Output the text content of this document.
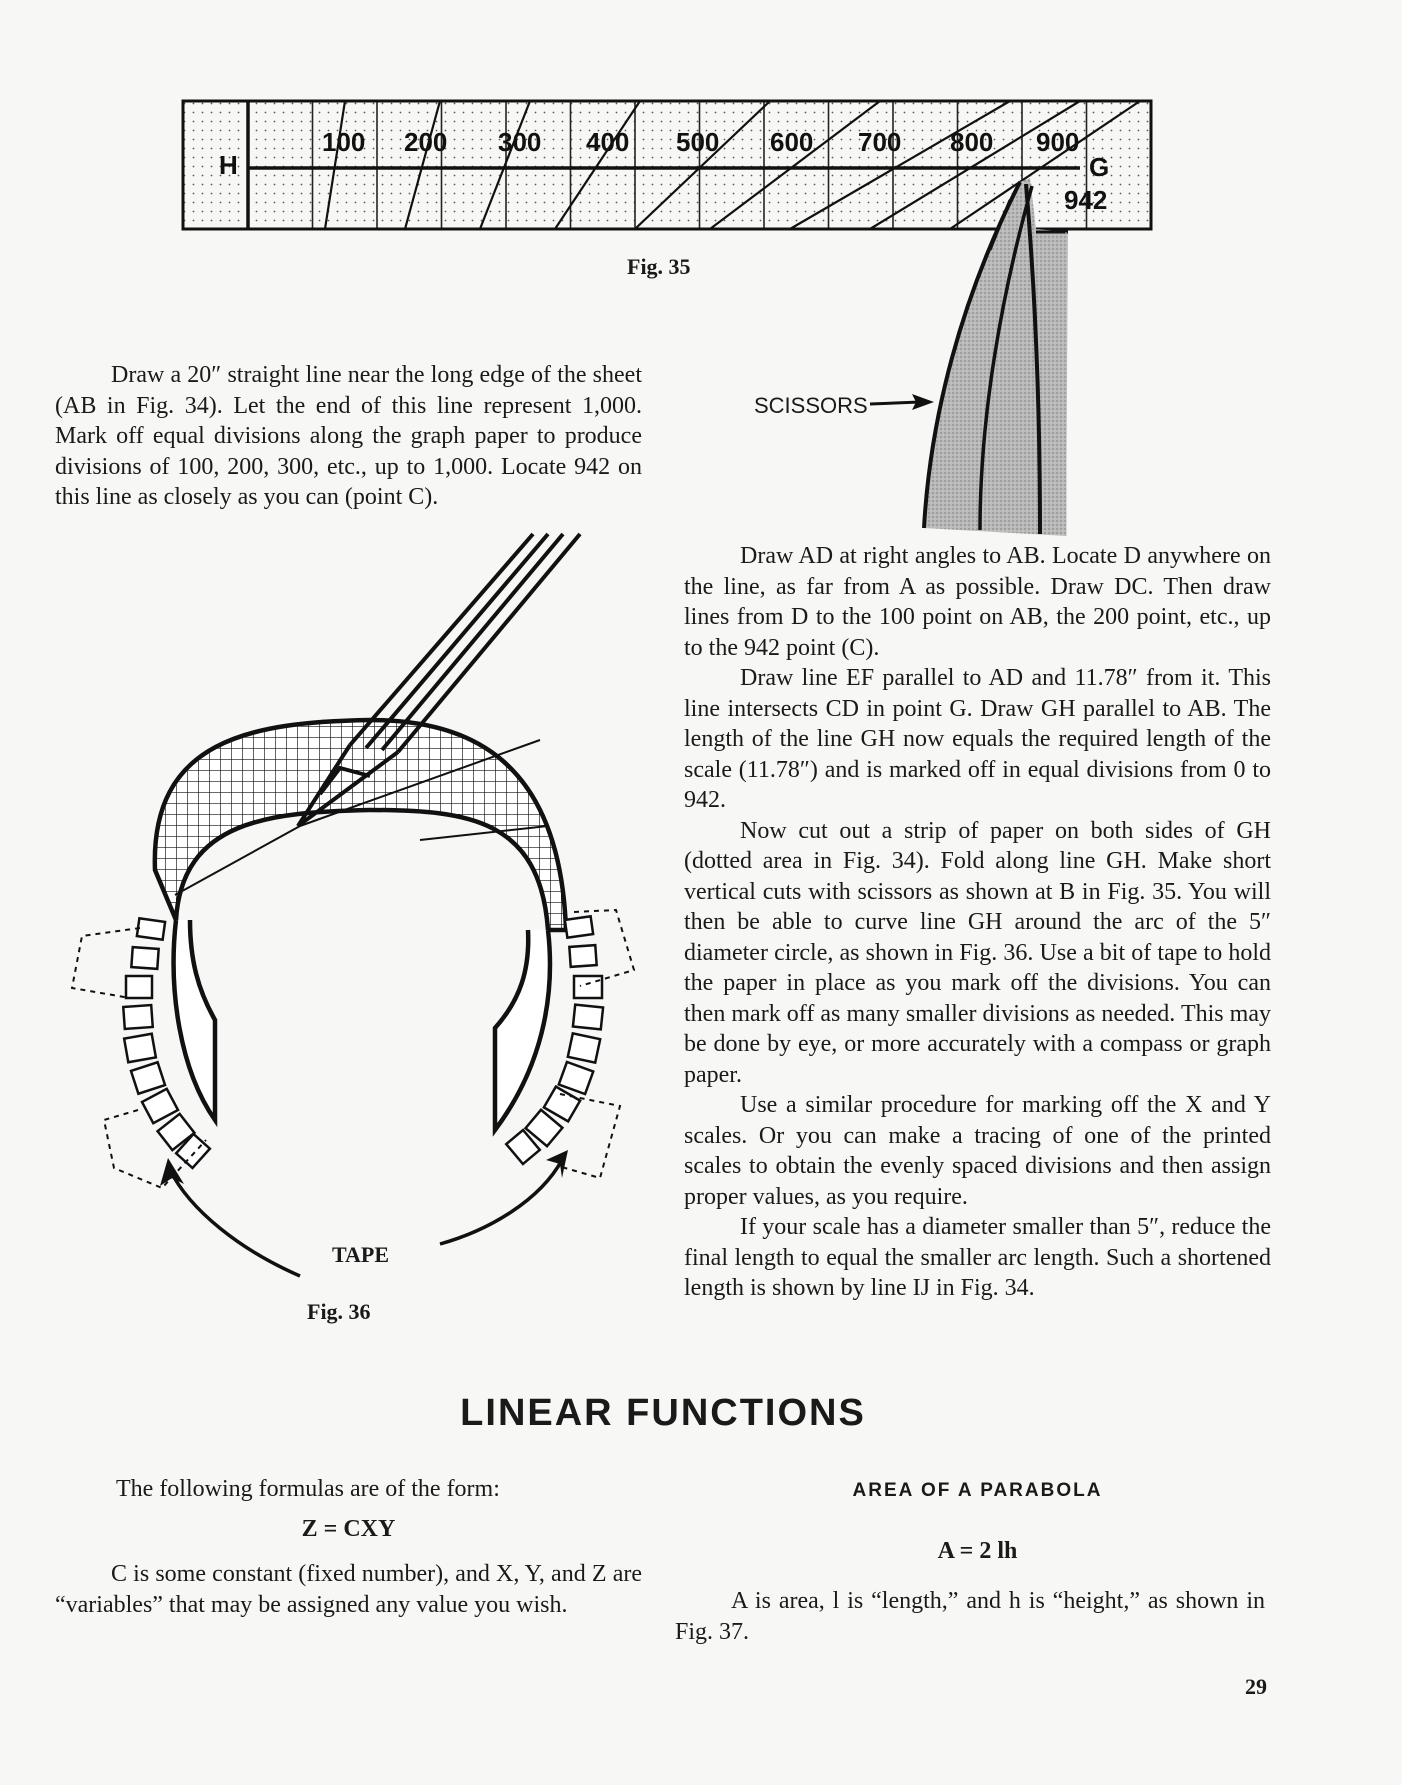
100 200 300 400 500 600 700 800 900
H	G
942
Fig. 35
SCISSORS

Draw a 20″ straight line near the long edge of the sheet (AB in Fig. 34). Let the end of this line represent 1,000. Mark off equal divisions along the graph paper to produce divisions of 100, 200, 300, etc., up to 1,000. Locate 942 on this line as closely as you can (point C).

TAPE
Fig. 36

Draw AD at right angles to AB. Locate D anywhere on the line, as far from A as possible. Draw DC. Then draw lines from D to the 100 point on AB, the 200 point, etc., up to the 942 point (C).

Draw line EF parallel to AD and 11.78″ from it. This line intersects CD in point G. Draw GH parallel to AB. The length of the line GH now equals the required length of the scale (11.78″) and is marked off in equal divisions from 0 to 942.

Now cut out a strip of paper on both sides of GH (dotted area in Fig. 34). Fold along line GH. Make short vertical cuts with scissors as shown at B in Fig. 35. You will then be able to curve line GH around the arc of the 5″ diameter circle, as shown in Fig. 36. Use a bit of tape to hold the paper in place as you mark off the divisions. You can then mark off as many smaller divisions as needed. This may be done by eye, or more accurately with a compass or graph paper.

Use a similar procedure for marking off the X and Y scales. Or you can make a tracing of one of the printed scales to obtain the evenly spaced divisions and then assign proper values, as you require.

If your scale has a diameter smaller than 5″, reduce the final length to equal the smaller arc length. Such a shortened length is shown by line IJ in Fig. 34.

LINEAR FUNCTIONS
The following formulas are of the form:
Z = CXY

C is some constant (fixed number), and X, Y, and Z are “variables” that may be assigned any value you wish.

AREA OF A PARABOLA
A = 2 lh

A is area, l is “length,” and h is “height,” as shown in Fig. 37.

29
